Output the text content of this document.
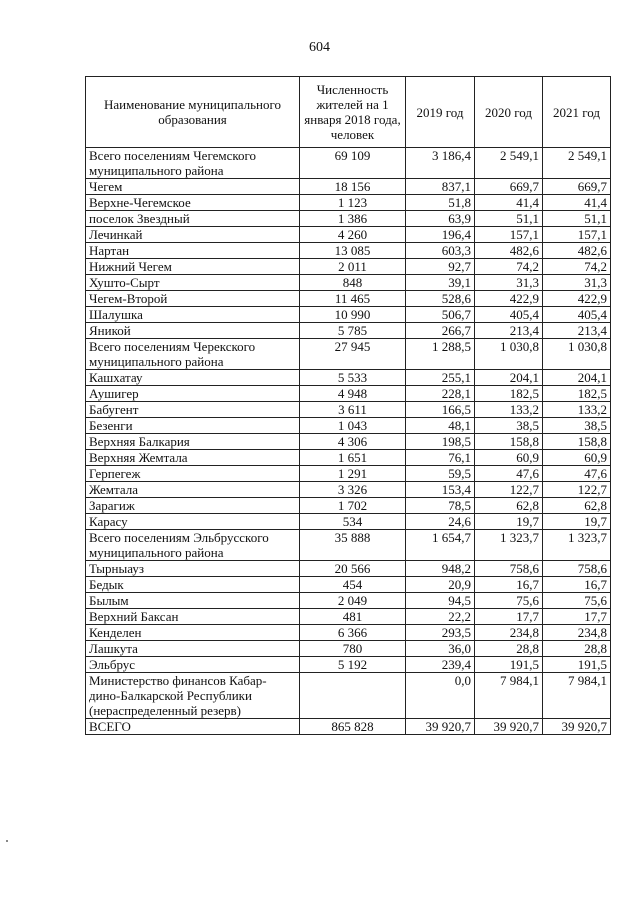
604
Наименование муниципального образования	Численность жителей на 1 января 2018 года, человек	2019 год	2020 год	2021 год
Всего поселениям Чегемского муниципального района	69 109	3 186,4	2 549,1	2 549,1
Чегем	18 156	837,1	669,7	669,7
Верхне-Чегемское	1 123	51,8	41,4	41,4
поселок Звездный	1 386	63,9	51,1	51,1
Лечинкай	4 260	196,4	157,1	157,1
Нартан	13 085	603,3	482,6	482,6
Нижний Чегем	2 011	92,7	74,2	74,2
Хушто-Сырт	848	39,1	31,3	31,3
Чегем-Второй	11 465	528,6	422,9	422,9
Шалушка	10 990	506,7	405,4	405,4
Яникой	5 785	266,7	213,4	213,4
Всего поселениям Черекского муниципального района	27 945	1 288,5	1 030,8	1 030,8
Кашхатау	5 533	255,1	204,1	204,1
Аушигер	4 948	228,1	182,5	182,5
Бабугент	3 611	166,5	133,2	133,2
Безенги	1 043	48,1	38,5	38,5
Верхняя Балкария	4 306	198,5	158,8	158,8
Верхняя Жемтала	1 651	76,1	60,9	60,9
Герпегеж	1 291	59,5	47,6	47,6
Жемтала	3 326	153,4	122,7	122,7
Зарагиж	1 702	78,5	62,8	62,8
Карасу	534	24,6	19,7	19,7
Всего поселениям Эльбрусского муниципального района	35 888	1 654,7	1 323,7	1 323,7
Тырныауз	20 566	948,2	758,6	758,6
Бедык	454	20,9	16,7	16,7
Былым	2 049	94,5	75,6	75,6
Верхний Баксан	481	22,2	17,7	17,7
Кенделен	6 366	293,5	234,8	234,8
Лашкута	780	36,0	28,8	28,8
Эльбрус	5 192	239,4	191,5	191,5
Министерство финансов Кабар-дино-Балкарской Республики (нераспределенный резерв)		0,0	7 984,1	7 984,1
ВСЕГО	865 828	39 920,7	39 920,7	39 920,7
